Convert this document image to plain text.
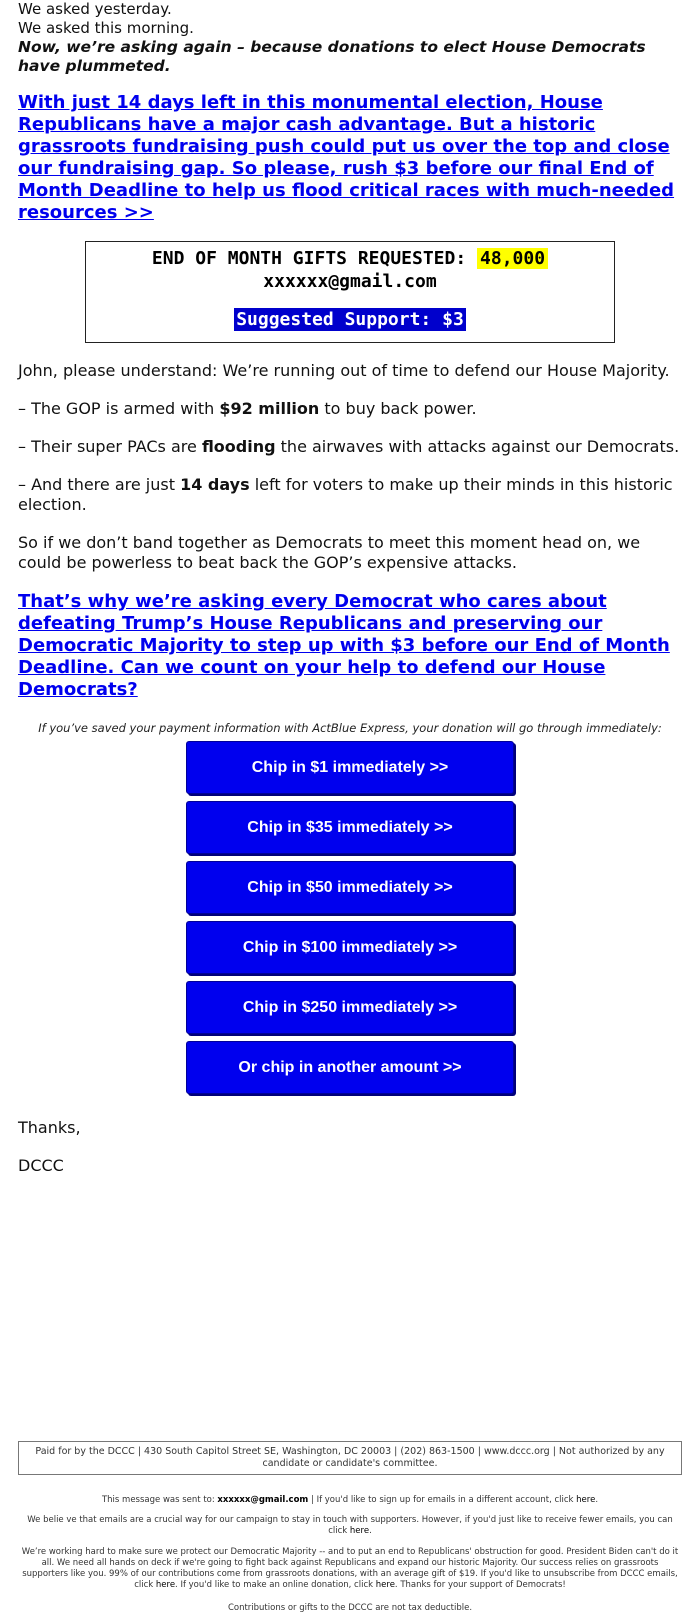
We asked yesterday.
We asked this morning.
Now, we’re asking again – because donations to elect House Democrats have plummeted.
With just 14 days left in this monumental election, House Republicans have a major cash advantage. But a historic grassroots fundraising push could put us over the top and close our fundraising gap. So please, rush $3 before our final End of Month Deadline to help us flood critical races with much-needed resources >>
END OF MONTH GIFTS REQUESTED: 48,000
xxxxxx@gmail.com
Suggested Support: $3
John, please understand: We’re running out of time to defend our House Majority.
– The GOP is armed with $92 million to buy back power.
– Their super PACs are flooding the airwaves with attacks against our Democrats.
– And there are just 14 days left for voters to make up their minds in this historic election.
So if we don’t band together as Democrats to meet this moment head on, we could be powerless to beat back the GOP’s expensive attacks.
That’s why we’re asking every Democrat who cares about defeating Trump’s House Republicans and preserving our Democratic Majority to step up with $3 before our End of Month Deadline. Can we count on your help to defend our House Democrats?
If you’ve saved your payment information with ActBlue Express, your donation will go through immediately:
Chip in $1 immediately >>
Chip in $35 immediately >>
Chip in $50 immediately >>
Chip in $100 immediately >>
Chip in $250 immediately >>
Or chip in another amount >>
Thanks,
DCCC
Paid for by the DCCC | 430 South Capitol Street SE, Washington, DC 20003 | (202) 863-1500 | www.dccc.org | Not authorized by any candidate or candidate's committee.
This message was sent to: xxxxxx@gmail.com | If you'd like to sign up for emails in a different account, click here.
We belie ve that emails are a crucial way for our campaign to stay in touch with supporters. However, if you'd just like to receive fewer emails, you can click here.
We’re working hard to make sure we protect our Democratic Majority -- and to put an end to Republicans' obstruction for good. President Biden can't do it all. We need all hands on deck if we're going to fight back against Republicans and expand our historic Majority. Our success relies on grassroots supporters like you. 99% of our contributions come from grassroots donations, with an average gift of $19. If you'd like to unsubscribe from DCCC emails, click here. If you'd like to make an online donation, click here. Thanks for your support of Democrats!
Contributions or gifts to the DCCC are not tax deductible.
